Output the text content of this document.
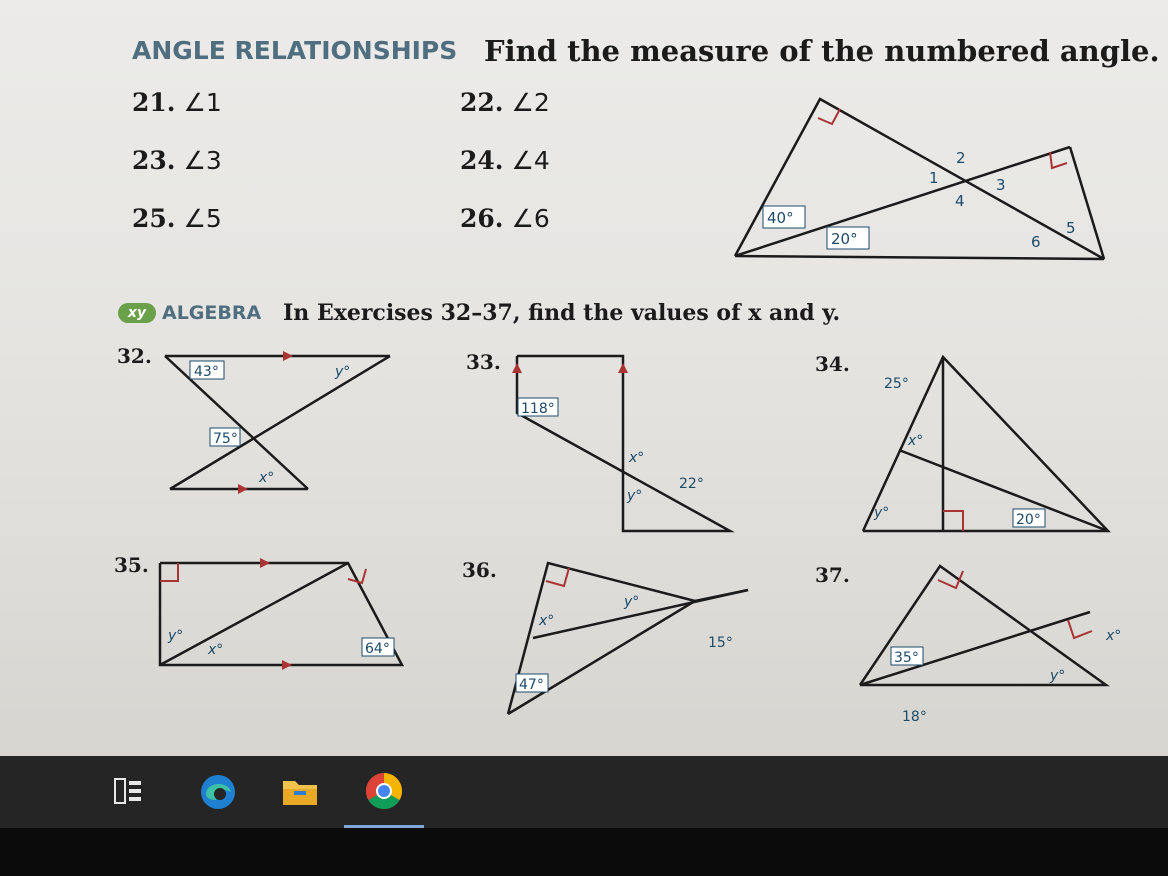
ANGLE RELATIONSHIPS Find the measure of the numbered angle.
21. ∠1	22. ∠2
23. ∠3	24. ∠4
25. ∠5	26. ∠6
xy ALGEBRA In Exercises 32–37, find the values of x and y.
32.	33.	34.
35.	36.	37.
40°
20°
1
2
3
4
5
6
43°	y°
75°
x°
118°
x°
y°
22°
25°
x°
y°	20°
y°
x°	64°
x°
y°
15°
47°
35°
x°
y°
18°
